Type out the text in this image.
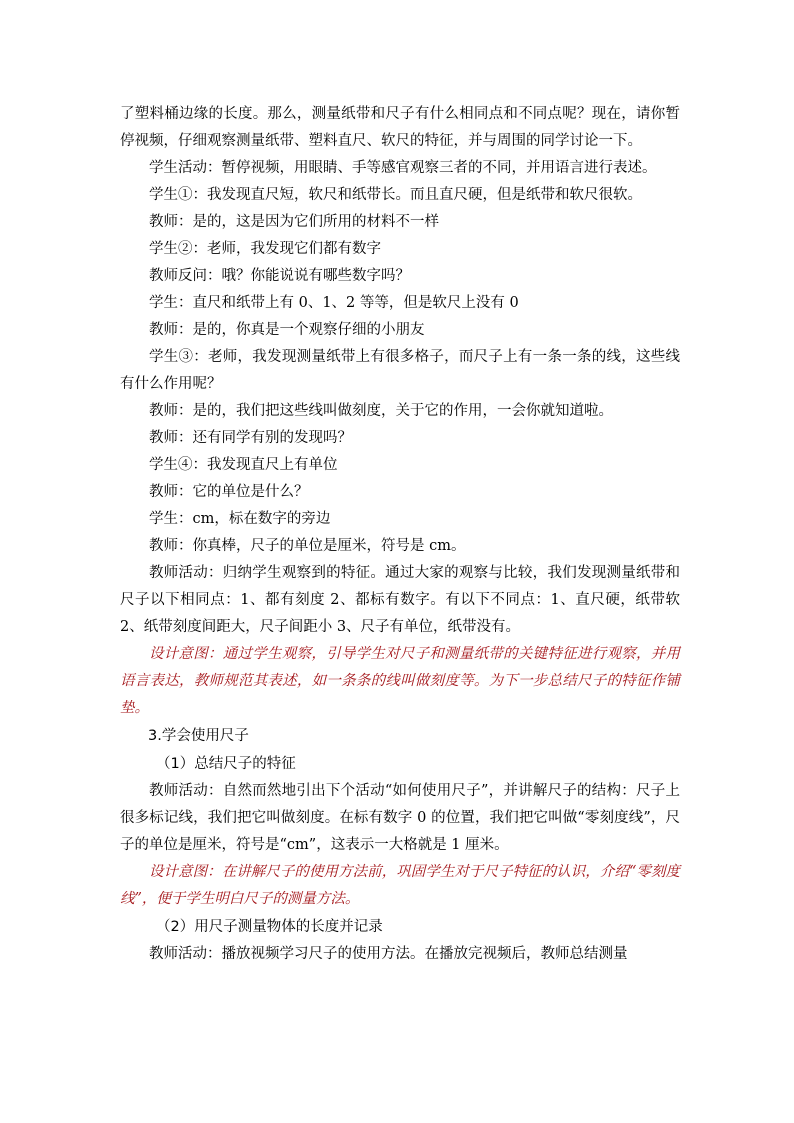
了塑料桶边缘的长度。那么，测量纸带和尺子有什么相同点和不同点呢？现在，请你暂停视频，仔细观察测量纸带、塑料直尺、软尺的特征，并与周围的同学讨论一下。

学生活动：暂停视频，用眼睛、手等感官观察三者的不同，并用语言进行表述。

学生①：我发现直尺短，软尺和纸带长。而且直尺硬，但是纸带和软尺很软。

教师：是的，这是因为它们所用的材料不一样

学生②：老师，我发现它们都有数字

教师反问：哦？你能说说有哪些数字吗？

学生：直尺和纸带上有 0、1、2 等等，但是软尺上没有 0

教师：是的，你真是一个观察仔细的小朋友

学生③：老师，我发现测量纸带上有很多格子，而尺子上有一条一条的线，这些线有什么作用呢？

教师：是的，我们把这些线叫做刻度，关于它的作用，一会你就知道啦。

教师：还有同学有别的发现吗？

学生④：我发现直尺上有单位

教师：它的单位是什么？

学生：cm，标在数字的旁边

教师：你真棒，尺子的单位是厘米，符号是 cm。

教师活动：归纳学生观察到的特征。通过大家的观察与比较，我们发现测量纸带和尺子以下相同点：1、都有刻度 2、都标有数字。有以下不同点：1、直尺硬，纸带软 2、纸带刻度间距大，尺子间距小 3、尺子有单位，纸带没有。

设计意图：通过学生观察，引导学生对尺子和测量纸带的关键特征进行观察，并用语言表达，教师规范其表述，如一条条的线叫做刻度等。为下一步总结尺子的特征作铺垫。

3.学会使用尺子

（1）总结尺子的特征

教师活动：自然而然地引出下个活动“如何使用尺子”，并讲解尺子的结构：尺子上很多标记线，我们把它叫做刻度。在标有数字 0 的位置，我们把它叫做“零刻度线”，尺子的单位是厘米，符号是“cm”，这表示一大格就是 1 厘米。

设计意图：在讲解尺子的使用方法前，巩固学生对于尺子特征的认识，介绍“零刻度线”，便于学生明白尺子的测量方法。

（2）用尺子测量物体的长度并记录

教师活动：播放视频学习尺子的使用方法。在播放完视频后，教师总结测量
